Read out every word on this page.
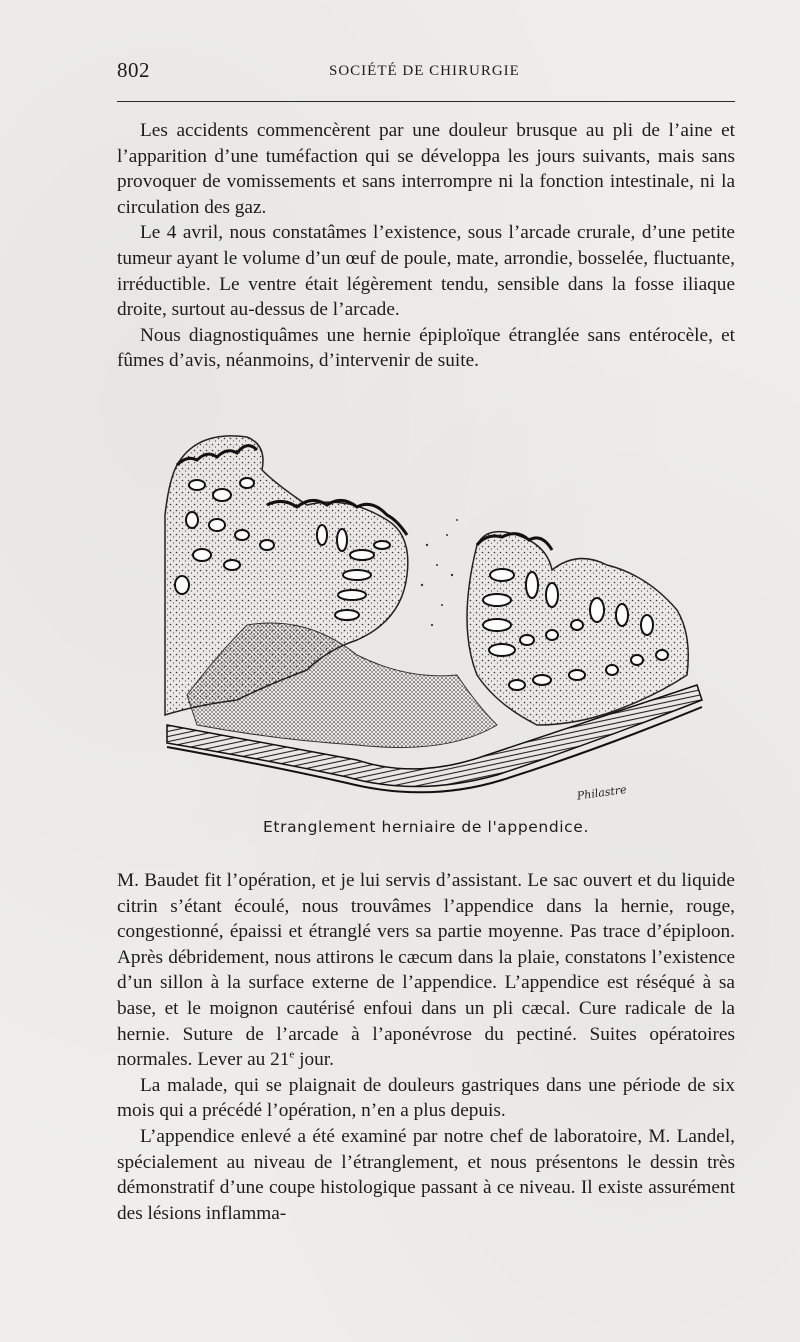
802	SOCIÉTÉ DE CHIRURGIE

Les accidents commencèrent par une douleur brusque au pli de l’aine et l’apparition d’une tuméfaction qui se développa les jours suivants, mais sans provoquer de vomissements et sans interrompre ni la fonction intestinale, ni la circulation des gaz.

Le 4 avril, nous constatâmes l’existence, sous l’arcade crurale, d’une petite tumeur ayant le volume d’un œuf de poule, mate, arrondie, bosselée, fluctuante, irréductible. Le ventre était légèrement tendu, sensible dans la fosse iliaque droite, surtout au-dessus de l’arcade.

Nous diagnostiquâmes une hernie épiploïque étranglée sans entérocèle, et fûmes d’avis, néanmoins, d’intervenir de suite.

Philastre
Etranglement herniaire de l'appendice.

M. Baudet fit l’opération, et je lui servis d’assistant. Le sac ouvert et du liquide citrin s’étant écoulé, nous trouvâmes l’appendice dans la hernie, rouge, congestionné, épaissi et étranglé vers sa partie moyenne. Pas trace d’épiploon. Après débridement, nous attirons le cæcum dans la plaie, constatons l’existence d’un sillon à la surface externe de l’appendice. L’appendice est réséqué à sa base, et le moignon cautérisé enfoui dans un pli cæcal. Cure radicale de la hernie. Suture de l’arcade à l’aponévrose du pectiné. Suites opératoires normales. Lever au 21e jour.

La malade, qui se plaignait de douleurs gastriques dans une période de six mois qui a précédé l’opération, n’en a plus depuis.

L’appendice enlevé a été examiné par notre chef de laboratoire, M. Landel, spécialement au niveau de l’étranglement, et nous présentons le dessin très démonstratif d’une coupe histologique passant à ce niveau. Il existe assurément des lésions inflamma-
